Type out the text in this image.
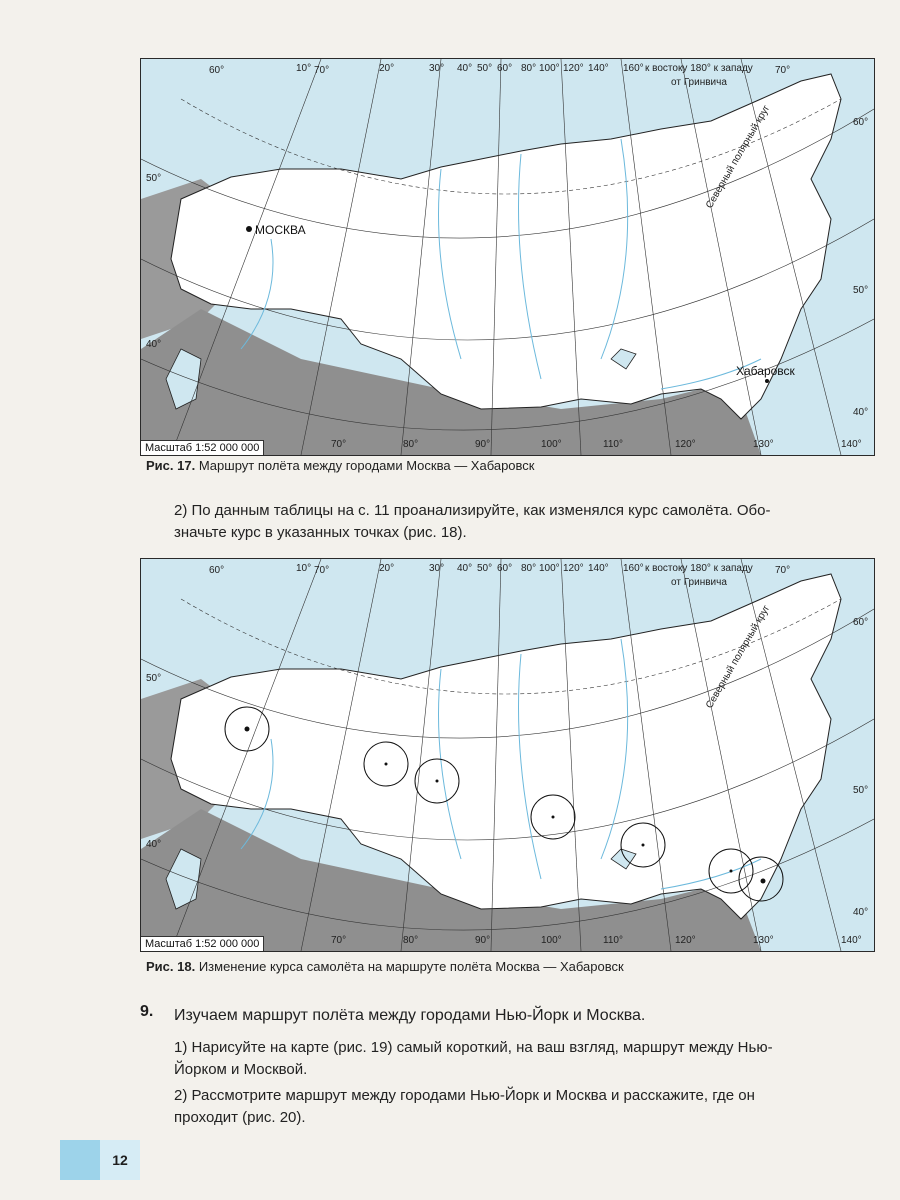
МОСКВА
Хабаровск
Северный полярный круг
от Гринвича
60°	10° 70°	20°	30° 40° 50° 60° 80° 100° 120° 140° 160° к востоку 180° к западу 70°
70°	80°	90°	100°	110°	120°	130°	140°
50°
40°
60°
50°
40°
Масштаб 1:52 000 000
Рис. 17. Маршрут полёта между городами Москва — Хабаровск
2) По данным таблицы на с. 11 проанализируйте, как изменялся курс самолёта. Обо-
значьте курс в указанных точках (рис. 18).
Северный полярный круг
от Гринвича
60°	10° 70°	20°	30° 40° 50° 60° 80° 100° 120° 140° 160° к востоку 180° к западу 70°
70°	80°	90°	100°	110°	120°	130°	140°
50°
40°
60°
50°
40°
Масштаб 1:52 000 000
Рис. 18. Изменение курса самолёта на маршруте полёта Москва — Хабаровск
9. Изучаем маршрут полёта между городами Нью-Йорк и Москва.
1) Нарисуйте на карте (рис. 19) самый короткий, на ваш взгляд, маршрут между Нью-
Йорком и Москвой.
2) Рассмотрите маршрут между городами Нью-Йорк и Москва и расскажите, где он
проходит (рис. 20).
12
